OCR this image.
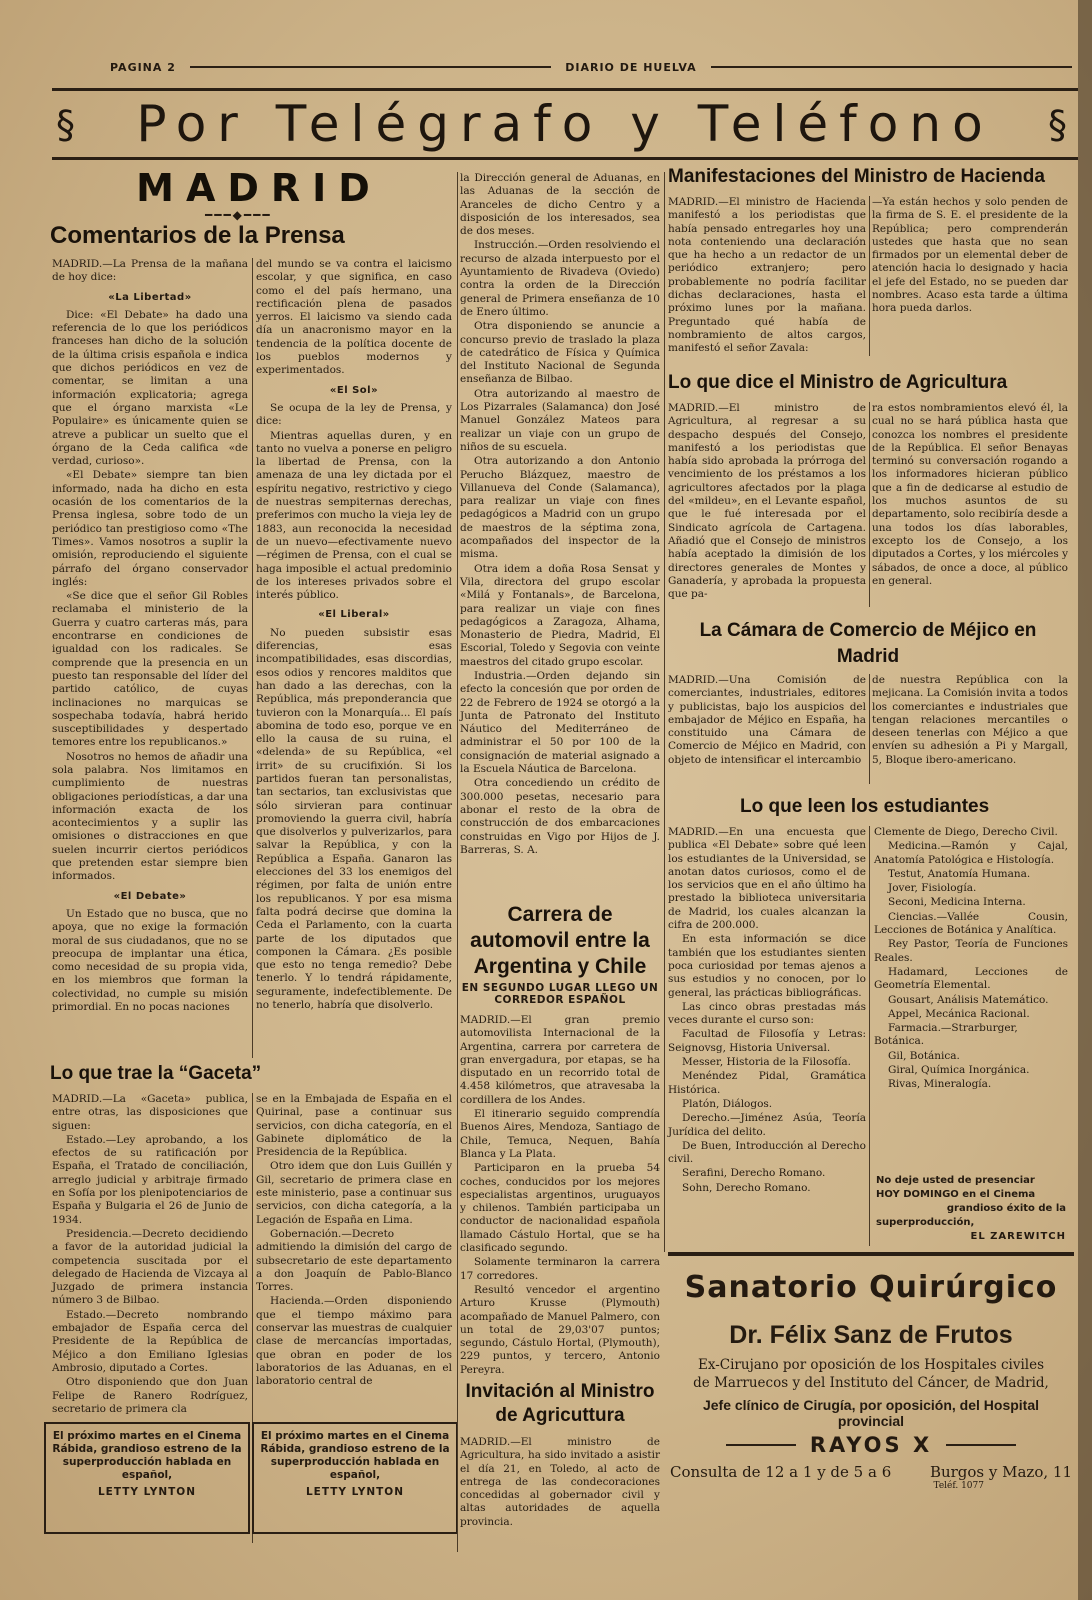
PAGINA 2	DIARIO DE HUELVA
§ Por Telégrafo y Teléfono §
MADRID
━━━◆━━━
Comentarios de la Prensa

MADRID.—La Prensa de la mañana de hoy dice:

«La Libertad»

Dice: «El Debate» ha dado una referencia de lo que los periódicos franceses han dicho de la solución de la última crisis española e indica que dichos periódicos en vez de comentar, se limitan a una información explicatoria; agrega que el órgano marxista «Le Populaire» es únicamente quien se atreve a publicar un suelto que el órgano de la Ceda califica «de verdad, curioso».

«El Debate» siempre tan bien informado, nada ha dicho en esta ocasión de los comentarios de la Prensa inglesa, sobre todo de un periódico tan prestigioso como «The Times». Vamos nosotros a suplir la omisión, reproduciendo el siguiente párrafo del órgano conservador inglés:

«Se dice que el señor Gil Robles reclamaba el ministerio de la Guerra y cuatro carteras más, para encontrarse en condiciones de igualdad con los radicales. Se comprende que la presencia en un puesto tan responsable del líder del partido católico, de cuyas inclinaciones no marquicas se sospechaba todavía, habrá herido susceptibilidades y despertado temores entre los republicanos.»

Nosotros no hemos de añadir una sola palabra. Nos limitamos en cumplimiento de nuestras obligaciones periodísticas, a dar una información exacta de los acontecimientos y a suplir las omisiones o distracciones en que suelen incurrir ciertos periódicos que pretenden estar siempre bien informados.

«El Debate»

Un Estado que no busca, que no apoya, que no exige la formación moral de sus ciudadanos, que no se preocupa de implantar una ética, como necesidad de su propia vida, en los miembros que forman la colectividad, no cumple su misión primordial. En no pocas naciones

del mundo se va contra el laicismo escolar, y que significa, en caso como el del país hermano, una rectificación plena de pasados yerros. El laicismo va siendo cada día un anacronismo mayor en la tendencia de la política docente de los pueblos modernos y experimentados.

«El Sol»

Se ocupa de la ley de Prensa, y dice:

Mientras aquellas duren, y en tanto no vuelva a ponerse en peligro la libertad de Prensa, con la amenaza de una ley dictada por el espíritu negativo, restrictivo y ciego de nuestras sempiternas derechas, preferimos con mucho la vieja ley de 1883, aun reconocida la necesidad de un nuevo—efectivamente nuevo—régimen de Prensa, con el cual se haga imposible el actual predominio de los intereses privados sobre el interés público.

«El Liberal»

No pueden subsistir esas diferencias, esas incompatibilidades, esas discordias, esos odios y rencores malditos que han dado a las derechas, con la República, más preponderancia que tuvieron con la Monarquía... El país abomina de todo eso, porque ve en ello la causa de su ruina, el «delenda» de su República, «el irrit» de su crucifixión. Si los partidos fueran tan personalistas, tan sectarios, tan exclusivistas que sólo sirvieran para continuar promoviendo la guerra civil, habría que disolverlos y pulverizarlos, para salvar la República, y con la República a España. Ganaron las elecciones del 33 los enemigos del régimen, por falta de unión entre los republicanos. Y por esa misma falta podrá decirse que domina la Ceda el Parlamento, con la cuarta parte de los diputados que componen la Cámara. ¿Es posible que esto no tenga remedio? Debe tenerlo. Y lo tendrá rápidamente, seguramente, indefectiblemente. De no tenerlo, habría que disolverlo.

Lo que trae la “Gaceta”

MADRID.—La «Gaceta» publica, entre otras, las disposiciones que siguen:

Estado.—Ley aprobando, a los efectos de su ratificación por España, el Tratado de conciliación, arreglo judicial y arbitraje firmado en Sofía por los plenipotenciarios de España y Bulgaria el 26 de Junio de 1934.

Presidencia.—Decreto decidiendo a favor de la autoridad judicial la competencia suscitada por el delegado de Hacienda de Vizcaya al Juzgado de primera instancia número 3 de Bilbao.

Estado.—Decreto nombrando embajador de España cerca del Presidente de la República de Méjico a don Emiliano Iglesias Ambrosio, diputado a Cortes.

Otro disponiendo que don Juan Felipe de Ranero Rodríguez, secretario de primera cla

se en la Embajada de España en el Quirinal, pase a continuar sus servicios, con dicha categoría, en el Gabinete diplomático de la Presidencia de la República.

Otro idem que don Luis Guillén y Gil, secretario de primera clase en este ministerio, pase a continuar sus servicios, con dicha categoría, a la Legación de España en Lima.

Gobernación.—Decreto admitiendo la dimisión del cargo de subsecretario de este departamento a don Joaquín de Pablo-Blanco Torres.

Hacienda.—Orden disponiendo que el tiempo máximo para conservar las muestras de cualquier clase de mercancías importadas, que obran en poder de los laboratorios de las Aduanas, en el laboratorio central de

El próximo martes en el Cinema Rábida, grandioso estreno de la superproducción hablada en español,
LETTY LYNTON
El próximo martes en el Cinema Rábida, grandioso estreno de la superproducción hablada en español,
LETTY LYNTON

la Dirección general de Aduanas, en las Aduanas de la sección de Aranceles de dicho Centro y a disposición de los interesados, sea de dos meses.

Instrucción.—Orden resolviendo el recurso de alzada interpuesto por el Ayuntamiento de Rivadeva (Oviedo) contra la orden de la Dirección general de Primera enseñanza de 10 de Enero último.

Otra disponiendo se anuncie a concurso previo de traslado la plaza de catedrático de Física y Química del Instituto Nacional de Segunda enseñanza de Bilbao.

Otra autorizando al maestro de Los Pizarrales (Salamanca) don José Manuel González Mateos para realizar un viaje con un grupo de niños de su escuela.

Otra autorizando a don Antonio Perucho Blázquez, maestro de Villanueva del Conde (Salamanca), para realizar un viaje con fines pedagógicos a Madrid con un grupo de maestros de la séptima zona, acompañados del inspector de la misma.

Otra idem a doña Rosa Sensat y Vila, directora del grupo escolar «Milá y Fontanals», de Barcelona, para realizar un viaje con fines pedagógicos a Zaragoza, Alhama, Monasterio de Piedra, Madrid, El Escorial, Toledo y Segovia con veinte maestros del citado grupo escolar.

Industria.—Orden dejando sin efecto la concesión que por orden de 22 de Febrero de 1924 se otorgó a la Junta de Patronato del Instituto Náutico del Mediterráneo de administrar el 50 por 100 de la consignación de material asignado a la Escuela Náutica de Barcelona.

Otra concediendo un crédito de 300.000 pesetas, necesario para abonar el resto de la obra de construcción de dos embarcaciones construidas en Vigo por Hijos de J. Barreras, S. A.

Carrera de automovil entre la Argentina y Chile
EN SEGUNDO LUGAR LLEGO UN CORREDOR ESPAÑOL

MADRID.—El gran premio automovilista Internacional de la Argentina, carrera por carretera de gran envergadura, por etapas, se ha disputado en un recorrido total de 4.458 kilómetros, que atravesaba la cordillera de los Andes.

El itinerario seguido comprendía Buenos Aires, Mendoza, Santiago de Chile, Temuca, Nequen, Bahía Blanca y La Plata.

Participaron en la prueba 54 coches, conducidos por los mejores especialistas argentinos, uruguayos y chilenos. También participaba un conductor de nacionalidad española llamado Cástulo Hortal, que se ha clasificado segundo.

Solamente terminaron la carrera 17 corredores.

Resultó vencedor el argentino Arturo Krusse (Plymouth) acompañado de Manuel Palmero, con un total de 29,03'07 puntos; segundo, Cástulo Hortal, (Plymouth), 229 puntos, y tercero, Antonio Pereyra.

Invitación al Ministro de Agricuttura

MADRID.—El ministro de Agricultura, ha sido invitado a asistir el día 21, en Toledo, al acto de entrega de las condecoraciones concedidas al gobernador civil y altas autoridades de aquella provincia.

Manifestaciones del Ministro de Hacienda

MADRID.—El ministro de Hacienda manifestó a los periodistas que había pensado entregarles hoy una nota conteniendo una declaración que ha hecho a un redactor de un periódico extranjero; pero probablemente no podría facilitar dichas declaraciones, hasta el próximo lunes por la mañana. Preguntado qué había de nombramiento de altos cargos, manifestó el señor Zavala:

—Ya están hechos y solo penden de la firma de S. E. el presidente de la República; pero comprenderán ustedes que hasta que no sean firmados por un elemental deber de atención hacia lo designado y hacia el jefe del Estado, no se pueden dar nombres. Acaso esta tarde a última hora pueda darlos.

Lo que dice el Ministro de Agricultura

MADRID.—El ministro de Agricultura, al regresar a su despacho después del Consejo, manifestó a los periodistas que había sido aprobada la prórroga del vencimiento de los préstamos a los agricultores afectados por la plaga del «mildeu», en el Levante español, que le fué interesada por el Sindicato agrícola de Cartagena. Añadió que el Consejo de ministros había aceptado la dimisión de los directores generales de Montes y Ganadería, y aprobada la propuesta que pa-

ra estos nombramientos elevó él, la cual no se hará pública hasta que conozca los nombres el presidente de la República. El señor Benayas terminó su conversación rogando a los informadores hicieran público que a fin de dedicarse al estudio de los muchos asuntos de su departamento, solo recibiría desde a una todos los días laborables, excepto los de Consejo, a los diputados a Cortes, y los miércoles y sábados, de once a doce, al público en general.

La Cámara de Comercio de Méjico en Madrid

MADRID.—Una Comisión de comerciantes, industriales, editores y publicistas, bajo los auspicios del embajador de Méjico en España, ha constituido una Cámara de Comercio de Méjico en Madrid, con objeto de intensificar el intercambio

de nuestra República con la mejicana. La Comisión invita a todos los comerciantes e industriales que tengan relaciones mercantiles o deseen tenerlas con Méjico a que envíen su adhesión a Pi y Margall, 5, Bloque ibero-americano.

Lo que leen los estudiantes

MADRID.—En una encuesta que publica «El Debate» sobre qué leen los estudiantes de la Universidad, se anotan datos curiosos, como el de los servicios que en el año último ha prestado la biblioteca universitaria de Madrid, los cuales alcanzan la cifra de 200.000.

En esta información se dice también que los estudiantes sienten poca curiosidad por temas ajenos a sus estudios y no conocen, por lo general, las prácticas bibliográficas.

Las cinco obras prestadas más veces durante el curso son:

Facultad de Filosofía y Letras: Seignovsg, Historia Universal.

Messer, Historia de la Filosofía.

Menéndez Pidal, Gramática Histórica.

Platón, Diálogos.

Derecho.—Jiménez Asúa, Teoría Jurídica del delito.

De Buen, Introducción al Derecho civil.

Serafini, Derecho Romano.

Sohn, Derecho Romano.

Clemente de Diego, Derecho Civil.

Medicina.—Ramón y Cajal, Anatomía Patológica e Histología.

Testut, Anatomía Humana.

Jover, Fisiología.

Seconi, Medicina Interna.

Ciencias.—Vallée Cousin, Lecciones de Botánica y Analítica.

Rey Pastor, Teoría de Funciones Reales.

Hadamard, Lecciones de Geometría Elemental.

Gousart, Análisis Matemático.

Appel, Mecánica Racional.

Farmacia.—Strarburger, Botánica.

Gil, Botánica.

Giral, Química Inorgánica.

Rivas, Mineralogía.

No deje usted de presenciar
HOY DOMINGO en el Cinema
grandioso éxito de la
superproducción,
EL ZAREWITCH
Sanatorio Quirúrgico
Dr. Félix Sanz de Frutos
Ex-Cirujano por oposición de los Hospitales civiles
de Marruecos y del Instituto del Cáncer, de Madrid,
Jefe clínico de Cirugía, por oposición, del Hospital provincial
RAYOS X
Consulta de 12 a 1 y de 5 a 6	Burgos y Mazo, 11
Teléf. 1077
